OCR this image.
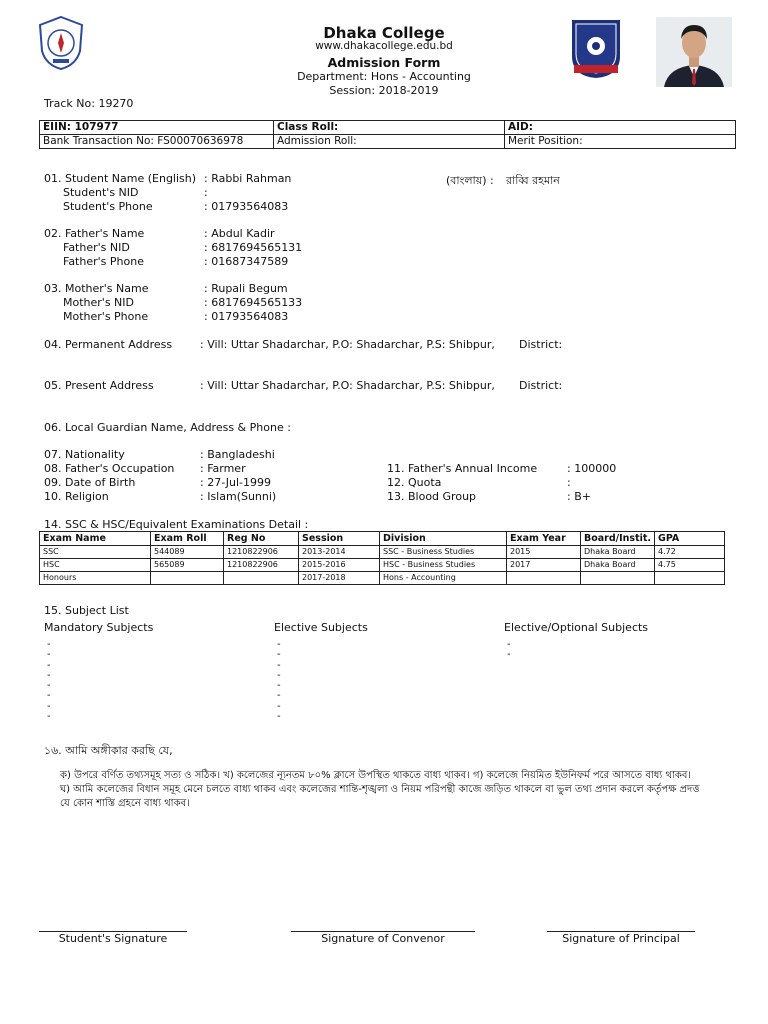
Dhaka College
www.dhakacollege.edu.bd
Admission Form
Department: Hons - Accounting
Session: 2018-2019
Track No: 19270
EIIN: 107977	Class Roll:	AID:
Bank Transaction No: FS00070636978	Admission Roll:	Merit Position:
01. Student Name (English) : Rabbi Rahman	(বাংলায়) : রাব্বি রহমান
Student's NID	:
Student's Phone	: 01793564083
02. Father's Name	: Abdul Kadir
Father's NID	: 6817694565131
Father's Phone	: 01687347589
03. Mother's Name	: Rupali Begum
Mother's NID	: 6817694565133
Mother's Phone	: 01793564083
04. Permanent Address	: Vill: Uttar Shadarchar, P.O: Shadarchar, P.S: Shibpur, District:
05. Present Address	: Vill: Uttar Shadarchar, P.O: Shadarchar, P.S: Shibpur, District:
06. Local Guardian Name, Address & Phone :
07. Nationality	: Bangladeshi
08. Father's Occupation : Farmer
09. Date of Birth	: 27-Jul-1999
10. Religion	: Islam(Sunni)
11. Father's Annual Income	: 100000
12. Quota	:
13. Blood Group	: B+
14. SSC & HSC/Equivalent Examinations Detail :
Exam Name	Exam Roll	Reg No	Session	Division	Exam Year	Board/Instit.	GPA
SSC	544089	1210822906	2013-2014	SSC - Business Studies	2015	Dhaka Board	4.72
HSC	565089	1210822906	2015-2016	HSC - Business Studies	2017	Dhaka Board	4.75
Honours			2017-2018	Hons - Accounting			
15. Subject List
Mandatory Subjects	Elective Subjects	Elective/Optional Subjects
-
-
-
-
-
-
-
-
-
-
-
-
-
-
-
-
-
-
১৬. আমি অঙ্গীকার করছি যে,
ক) উপরে বর্ণিত তথ্যসমূহ সত্য ও সঠিক। খ) কলেজের ন্যূনতম ৮০% ক্লাসে উপস্থিত থাকতে বাধ্য থাকব। গ) কলেজে নিয়মিত ইউনিফর্ম পরে আসতে বাধ্য থাকব।
ঘ) আমি কলেজের বিধান সমূহ মেনে চলতে বাধ্য থাকব এবং কলেজের শান্তি-শৃঙ্খলা ও নিয়ম পরিপন্থী কাজে জড়িত থাকলে বা ভুল তথ্য প্রদান করলে কর্তৃপক্ষ প্রদত্ত
যে কোন শাস্তি গ্রহনে বাধ্য থাকব।
Student's Signature	Signature of Convenor	Signature of Principal
